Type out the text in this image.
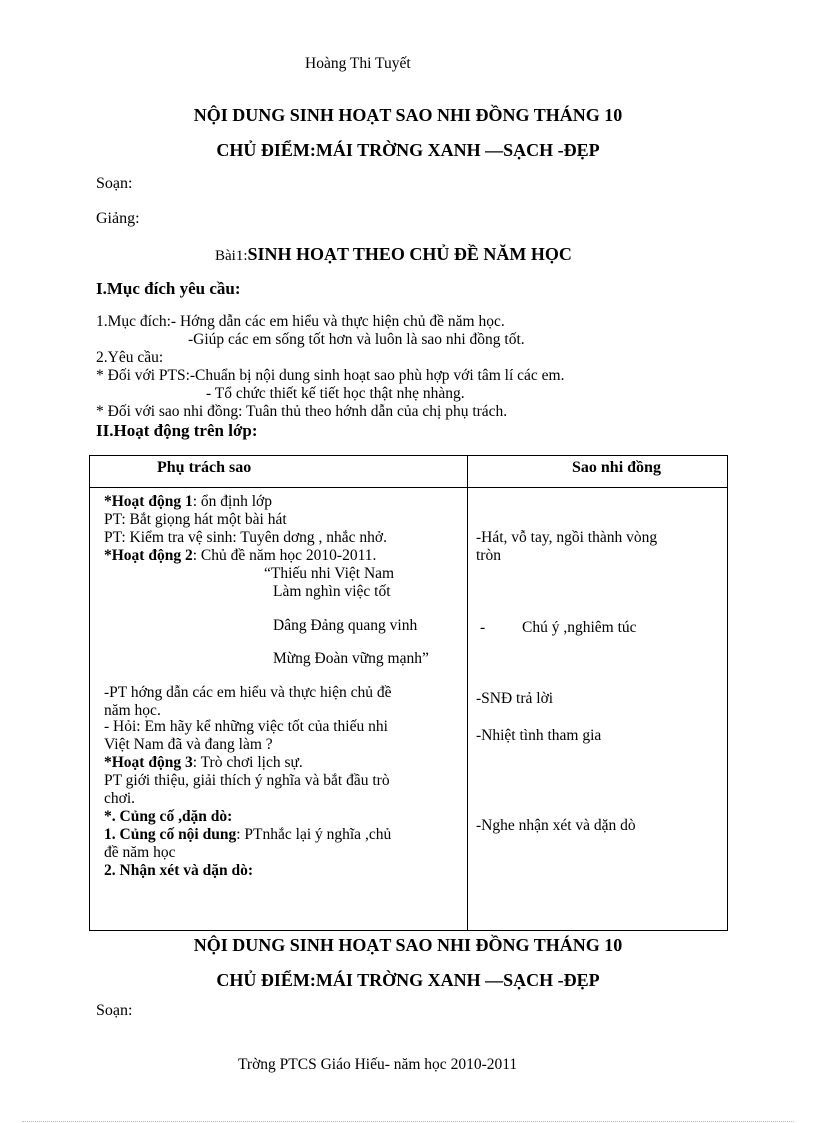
Hoàng Thi Tuyết
NỘI DUNG SINH HOẠT SAO NHI ĐỒNG THÁNG 10
CHỦ ĐIỂM:MÁI TRỜNG XANH —SẠCH -ĐẸP
Soạn:
Giảng:
Bài1:SINH HOẠT THEO CHỦ ĐỀ NĂM HỌC
I.Mục đích yêu cầu:
1.Mục đích:- Hớng dẫn các em hiểu và thực hiện chủ đề năm học.
-Giúp các em sống tốt hơn và luôn là sao nhi đồng tốt.
2.Yêu cầu:
* Đối với PTS:-Chuẩn bị nội dung sinh hoạt sao phù hợp với tâm lí các em.
- Tổ chức thiết kế tiết học thật nhẹ nhàng.
* Đối với sao nhi đồng: Tuân thủ theo hớnh dẫn của chị phụ trách.
II.Hoạt động trên lớp:
Phụ trách sao	Sao nhi đồng
*Hoạt động 1: ổn định lớp
PT: Bắt giọng hát một bài hát
PT: Kiểm tra vệ sinh: Tuyên dơng , nhắc nhở.
*Hoạt động 2: Chủ đề năm học 2010-2011.
“Thiếu nhi Việt Nam
Làm nghìn việc tốt
Dâng Đảng quang vinh
Mừng Đoàn vững mạnh”
-PT hớng dẫn các em hiểu và thực hiện chủ đề
năm học.
- Hỏi: Em hãy kể những việc tốt của thiếu nhi
Việt Nam đã và đang làm ?
*Hoạt động 3: Trò chơi lịch sự.
PT giới thiệu, giải thích ý nghĩa và bắt đầu trò
chơi.
*. Củng cố ,dặn dò:
1. Củng cố nội dung: PTnhắc lại ý nghĩa ,chủ
đề năm học
2. Nhận xét và dặn dò:
-Hát, vỗ tay, ngồi thành vòng
tròn
- Chú ý ,nghiêm túc
-SNĐ trả lời
-Nhiệt tình tham gia
-Nghe nhận xét và dặn dò
NỘI DUNG SINH HOẠT SAO NHI ĐỒNG THÁNG 10
CHỦ ĐIỂM:MÁI TRỜNG XANH —SẠCH -ĐẸP
Soạn:
Trờng PTCS Giáo Hiếu- năm học 2010-2011
